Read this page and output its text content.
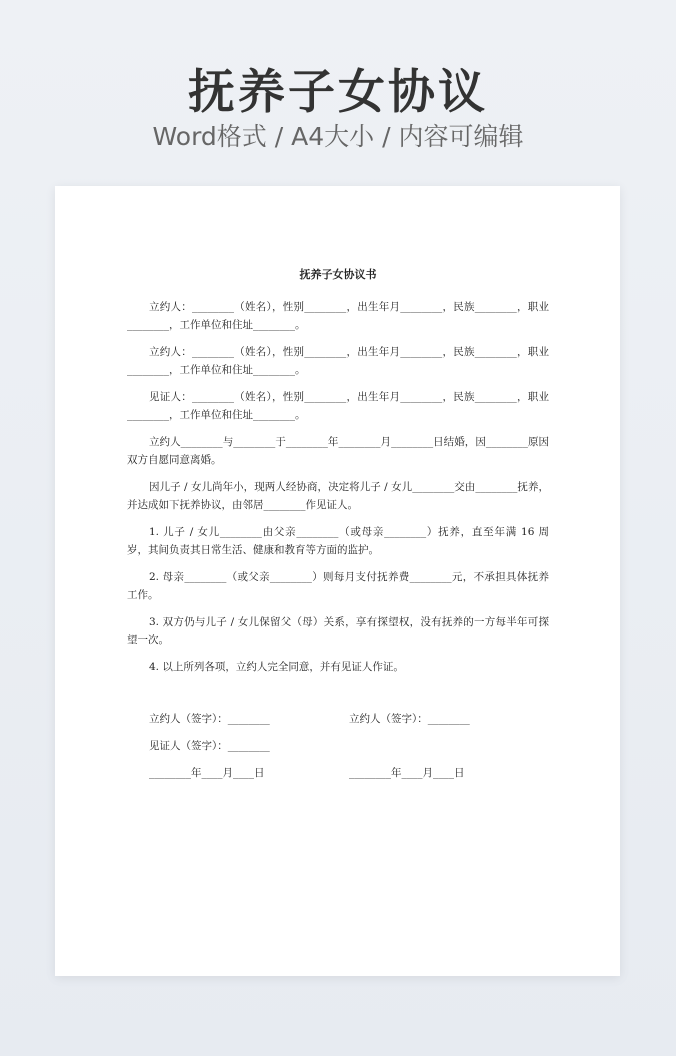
抚养子女协议
Word格式 / A4大小 / 内容可编辑
抚养子女协议书

立约人：________（姓名），性别________，出生年月________，民族________，职业________，工作单位和住址________。

立约人：________（姓名），性别________，出生年月________，民族________，职业________，工作单位和住址________。

见证人：________（姓名），性别________，出生年月________，民族________，职业________，工作单位和住址________。

立约人________与________于________年________月________日结婚，因________原因双方自愿同意离婚。

因儿子 / 女儿尚年小，现两人经协商，决定将儿子 / 女儿________交由________抚养，并达成如下抚养协议，由邻居________作见证人。

1. 儿子 / 女儿________由父亲________（或母亲________）抚养，直至年满 16 周岁，其间负责其日常生活、健康和教育等方面的监护。

2. 母亲________（或父亲________）则每月支付抚养费________元，不承担具体抚养工作。

3. 双方仍与儿子 / 女儿保留父（母）关系，享有探望权，没有抚养的一方每半年可探望一次。

4. 以上所列各项，立约人完全同意，并有见证人作证。

立约人（签字）：________	立约人（签字）：________
见证人（签字）：________
________年____月____日	________年____月____日
